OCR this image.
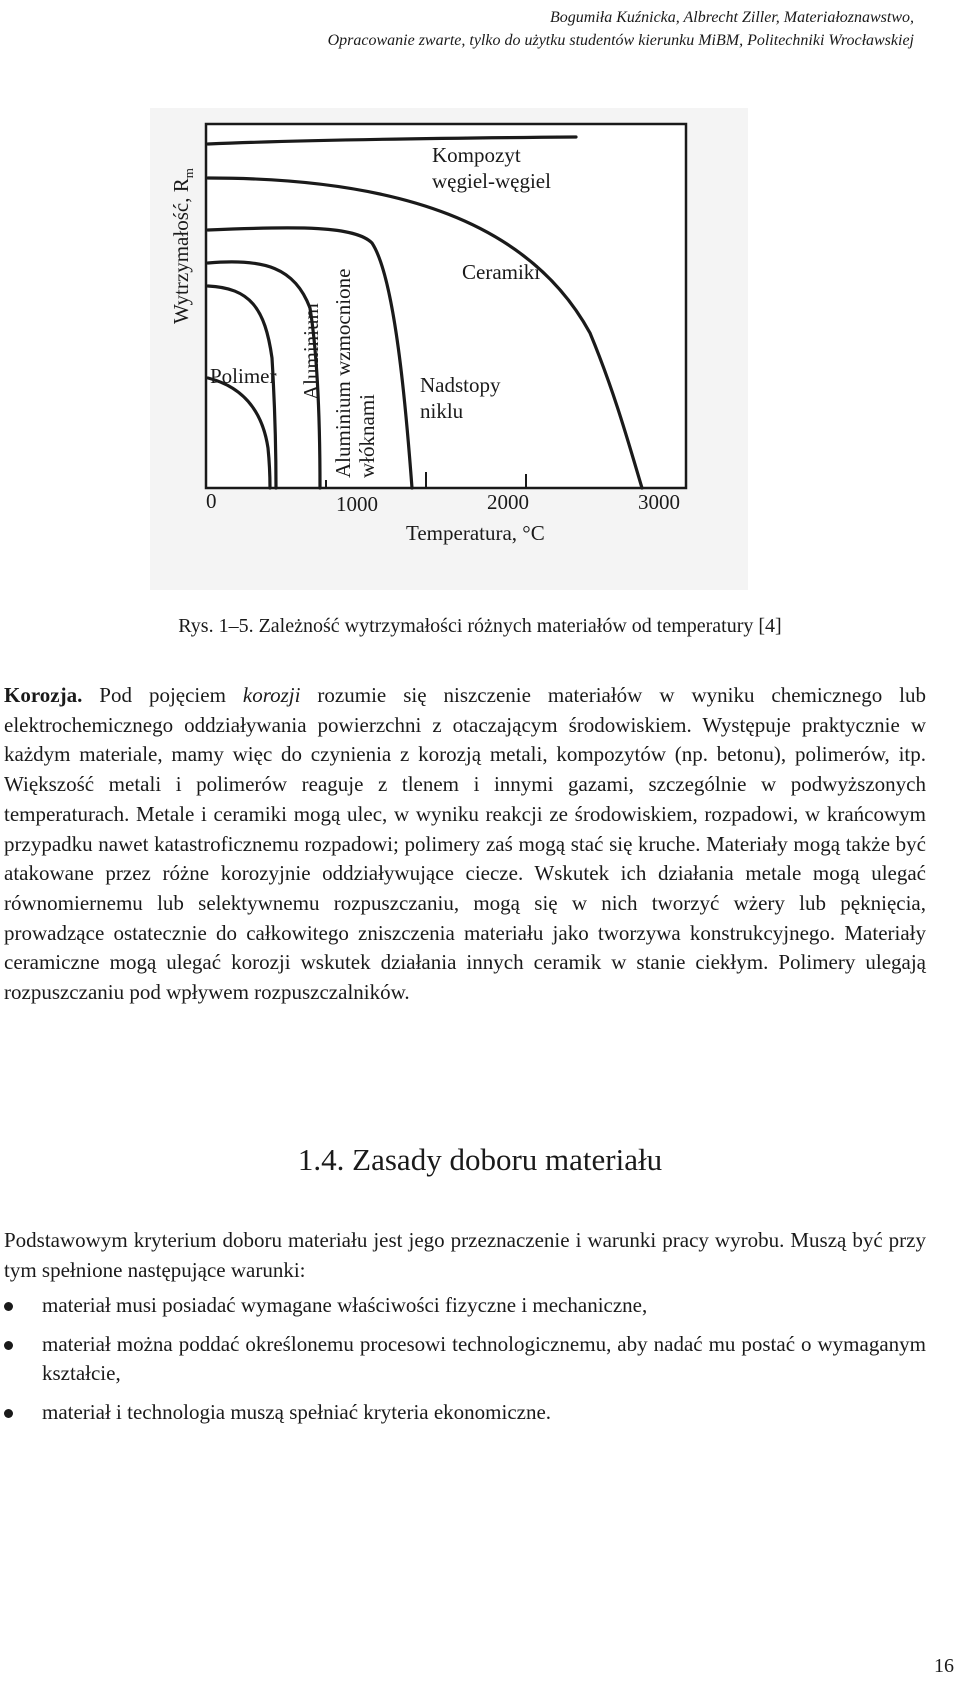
Bogumiła Kuźnicka, Albrecht Ziller, Materiałoznawstwo,
Opracowanie zwarte, tylko do użytku studentów kierunku MiBM, Politechniki Wrocławskiej
Kompozyt
węgiel-węgiel
Ceramiki
Polimer	Nadstopy
niklu
Aluminium Aluminium wzmocnione włóknami
Wytrzymałość, $R_m$
0	1000	2000	3000
Temperatura, °C
Rys. 1–5. Zależność wytrzymałości różnych materiałów od temperatury [4]

Korozja. Pod pojęciem korozji rozumie się niszczenie materiałów w wyniku chemicznego lub elektrochemicznego oddziaływania powierzchni z otaczającym środowiskiem. Występuje praktycznie w każdym materiale, mamy więc do czynienia z korozją metali, kompozytów (np. betonu), polimerów, itp. Większość metali i polimerów reaguje z tlenem i innymi gazami, szczególnie w podwyższonych temperaturach. Metale i ceramiki mogą ulec, w wyniku reakcji ze środowiskiem, rozpadowi, w krańcowym przypadku nawet katastroficznemu rozpadowi; polimery zaś mogą stać się kruche. Materiały mogą także być atakowane przez różne korozyjnie oddziaływujące ciecze. Wskutek ich działania metale mogą ulegać równomiernemu lub selektywnemu rozpuszczaniu, mogą się w nich tworzyć wżery lub pęknięcia, prowadzące ostatecznie do całkowitego zniszczenia materiału jako tworzywa konstrukcyjnego. Materiały ceramiczne mogą ulegać korozji wskutek działania innych ceramik w stanie ciekłym. Polimery ulegają rozpuszczaniu pod wpływem rozpuszczalników.

1.4. Zasady doboru materiału

Podstawowym kryterium doboru materiału jest jego przeznaczenie i warunki pracy wyrobu. Muszą być przy tym spełnione następujące warunki:

materiał musi posiadać wymagane właściwości fizyczne i mechaniczne,
materiał można poddać określonemu procesowi technologicznemu, aby nadać mu postać o wymaganym kształcie,
materiał i technologia muszą spełniać kryteria ekonomiczne.
16
